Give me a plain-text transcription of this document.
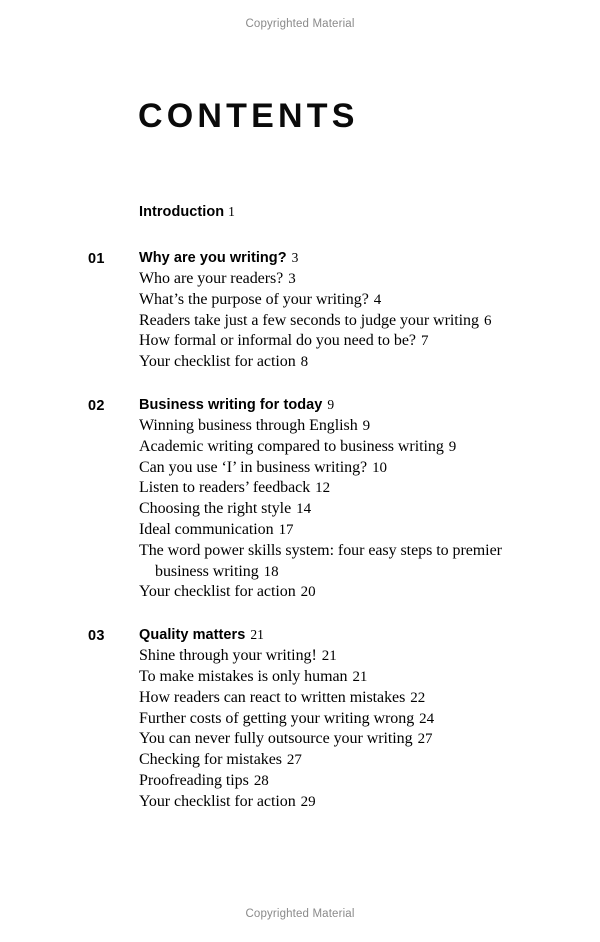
Copyrighted Material
CONTENTS
Introduction 1
01 Why are you writing? 3
Who are your readers? 3
What’s the purpose of your writing? 4
Readers take just a few seconds to judge your writing 6
How formal or informal do you need to be? 7
Your checklist for action 8
02 Business writing for today 9
Winning business through English 9
Academic writing compared to business writing 9
Can you use ‘I’ in business writing? 10
Listen to readers’ feedback 12
Choosing the right style 14
Ideal communication 17
The word power skills system: four easy steps to premier business writing 18
Your checklist for action 20
03 Quality matters 21
Shine through your writing! 21
To make mistakes is only human 21
How readers can react to written mistakes 22
Further costs of getting your writing wrong 24
You can never fully outsource your writing 27
Checking for mistakes 27
Proofreading tips 28
Your checklist for action 29
Copyrighted Material
